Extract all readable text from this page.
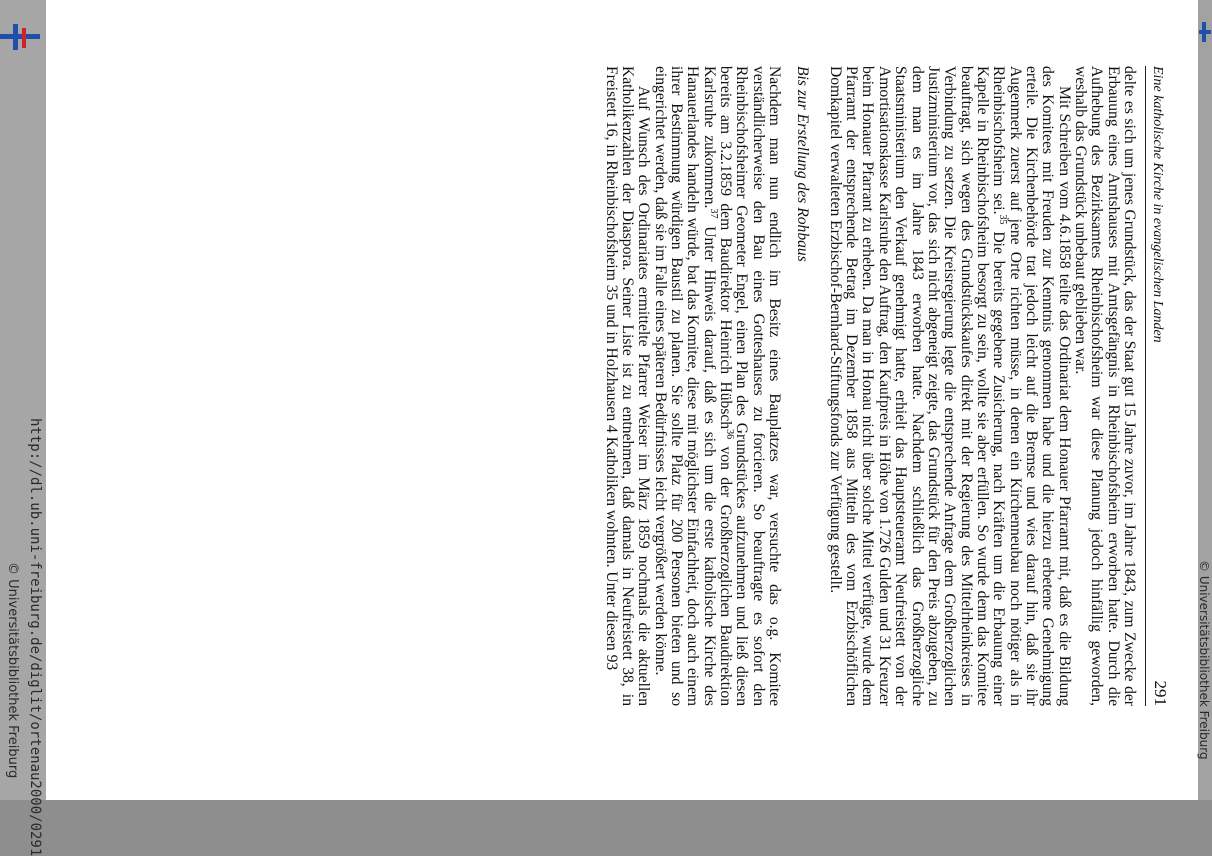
Eine katholische Kirche in evangelischen Landen
291

delte es sich um jenes Grundstück, das der Staat gut 15 Jahre zuvor, im Jahre 1843, zum Zwecke der Erbauung eines Amtshauses mit Amtsgefängnis in Rheinbischofsheim erworben hatte. Durch die Aufhebung des Bezirksamtes Rheinbischofsheim war diese Planung jedoch hinfällig geworden, weshalb das Grundstück unbebaut geblieben war.

Mit Schreiben vom 4.6.1858 teilte das Ordinariat dem Honauer Pfarramt mit, daß es die Bildung des Komitees mit Freuden zur Kenntnis genommen habe und die hierzu erbetene Genehmigung erteile. Die Kirchenbehörde trat jedoch leicht auf die Bremse und wies darauf hin, daß sie ihr Augenmerk zuerst auf jene Orte richten müsse, in denen ein Kirchenneubau noch nötiger als in Rheinbischofsheim sei.$^{35}$ Die bereits gegebene Zusicherung, nach Kräften um die Erbauung einer Kapelle in Rheinbischofsheim besorgt zu sein, wollte sie aber erfüllen. So wurde denn das Komitee beauftragt, sich wegen des Grundstückskaufes direkt mit der Regierung des Mittelrheinkreises in Verbindung zu setzen. Die Kreisregierung legte die entsprechende Anfrage dem Großherzoglichen Justizministerium vor, das sich nicht abgeneigt zeigte, das Grundstück für den Preis abzugeben, zu dem man es im Jahre 1843 erworben hatte. Nachdem schließlich das Großherzogliche Staatsministerium den Verkauf genehmigt hatte, erhielt das Hauptsteueramt Neufreistett von der Amortisationskasse Karlsruhe den Auftrag, den Kaufpreis in Höhe von 1.726 Gulden und 31 Kreuzer beim Honauer Pfarrant zu erheben. Da man in Honau nicht über solche Mittel verfügte, wurde dem Pfarramt der entsprechende Betrag im Dezember 1858 aus Mitteln des vom Erzbischöflichen Domkapitel verwalteten Erzbischof-Bernhard-Stiftungsfonds zur Verfügung gestellt.

Bis zur Erstellung des Rohbaus

Nachdem man nun endlich im Besitz eines Bauplatzes war, versuchte das o.g. Komitee verständlicherweise den Bau eines Gotteshauses zu forcieren. So beauftragte es sofort den Rheinbischofsheimer Geometer Engel, einen Plan des Grundstückes aufzunehmen und ließ diesen bereits am 3.2.1859 dem Baudirektor Heinrich Hübsch$^{36}$ von der Großherzoglichen Baudirektion Karlsruhe zukommen.$^{37}$ Unter Hinweis darauf, daß es sich um die erste katholische Kirche des Hanauerlandes handeln würde, bat das Komitee, diese mit möglichster Einfachheit, doch auch einem ihrer Bestimmung würdigen Baustil zu planen. Sie sollte Platz für 200 Personen bieten und so eingerichtet werden, daß sie im Falle eines späteren Bedürfnisses leicht vergrößert werden könne.

Auf Wunsch des Ordinariates ermittelte Pfarrer Weiser im März 1859 nochmals die aktuellen Katholikenzahlen der Diaspora. Seiner Liste ist zu entnehmen, daß damals in Neufreistett 38, in Freistett 16, in Rheinbischofsheim 35 und in Holzhausen 4 Katholiken wohnten. Unter diesen 93

http://dl.ub.uni-freiburg.de/diglit/ortenau2000/0291
© Universitätsbibliothek Freiburg	© Universitätsbibliothek Freiburg
